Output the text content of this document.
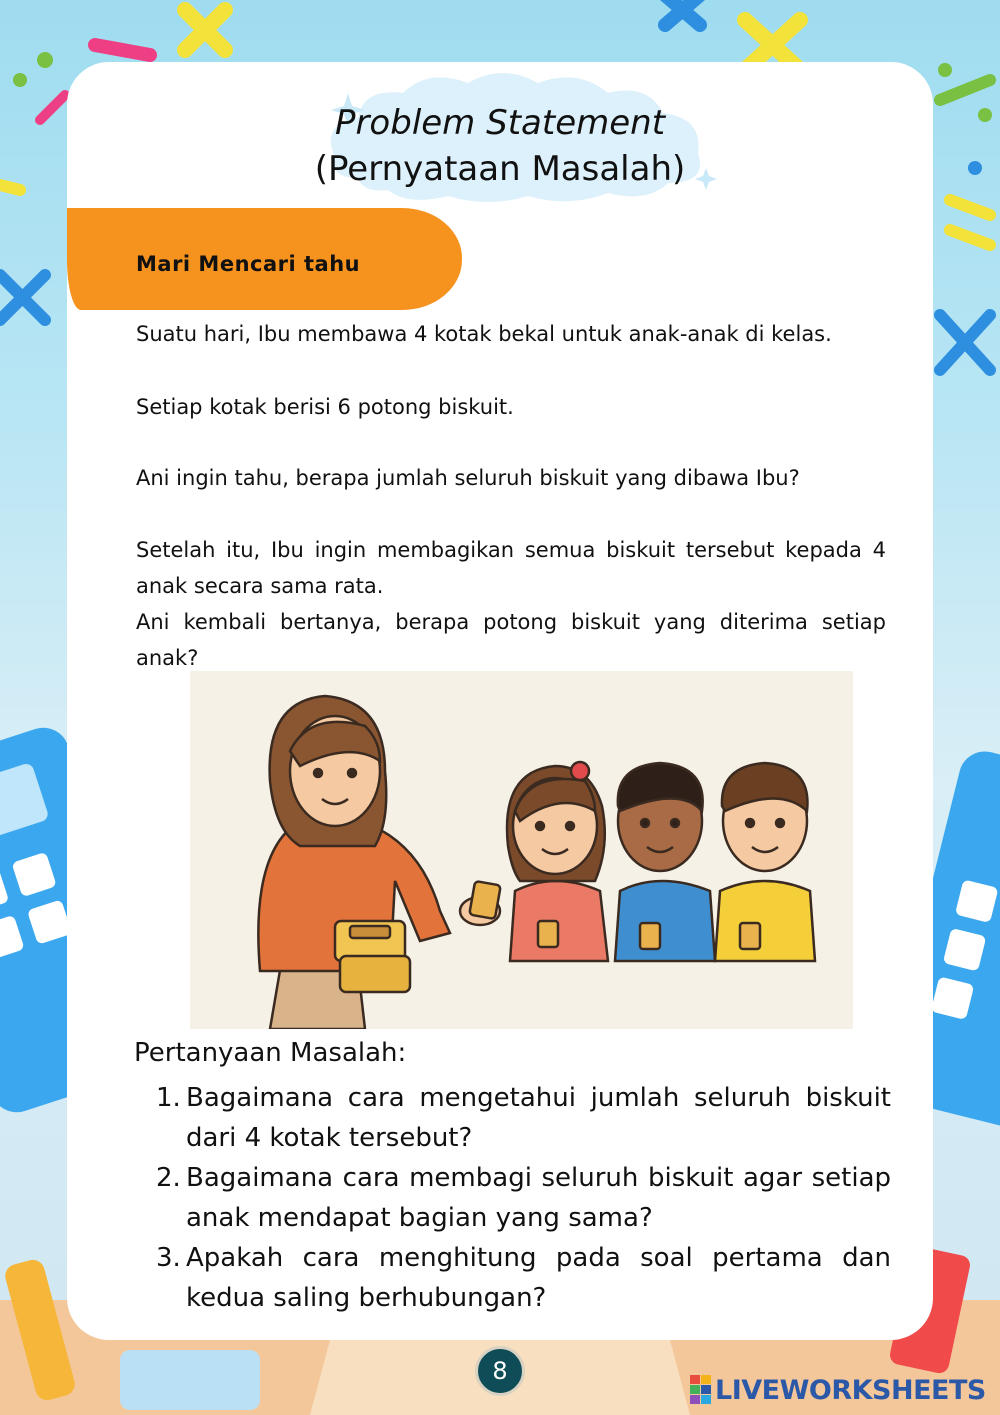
Problem Statement
(Pernyataan Masalah)
Mari Mencari tahu

Suatu hari, Ibu membawa 4 kotak bekal untuk anak-anak di kelas.

Setiap kotak berisi 6 potong biskuit.

Ani ingin tahu, berapa jumlah seluruh biskuit yang dibawa Ibu?

Setelah itu, Ibu ingin membagikan semua biskuit tersebut kepada 4 anak secara sama rata.

Ani kembali bertanya, berapa potong biskuit yang diterima setiap anak?

Pertanyaan Masalah:
1. Bagaimana cara mengetahui jumlah seluruh biskuit dari 4 kotak tersebut?
2. Bagaimana cara membagi seluruh biskuit agar setiap anak mendapat bagian yang sama?
3. Apakah cara menghitung pada soal pertama dan kedua saling berhubungan?
8
LIVEWORKSHEETS
